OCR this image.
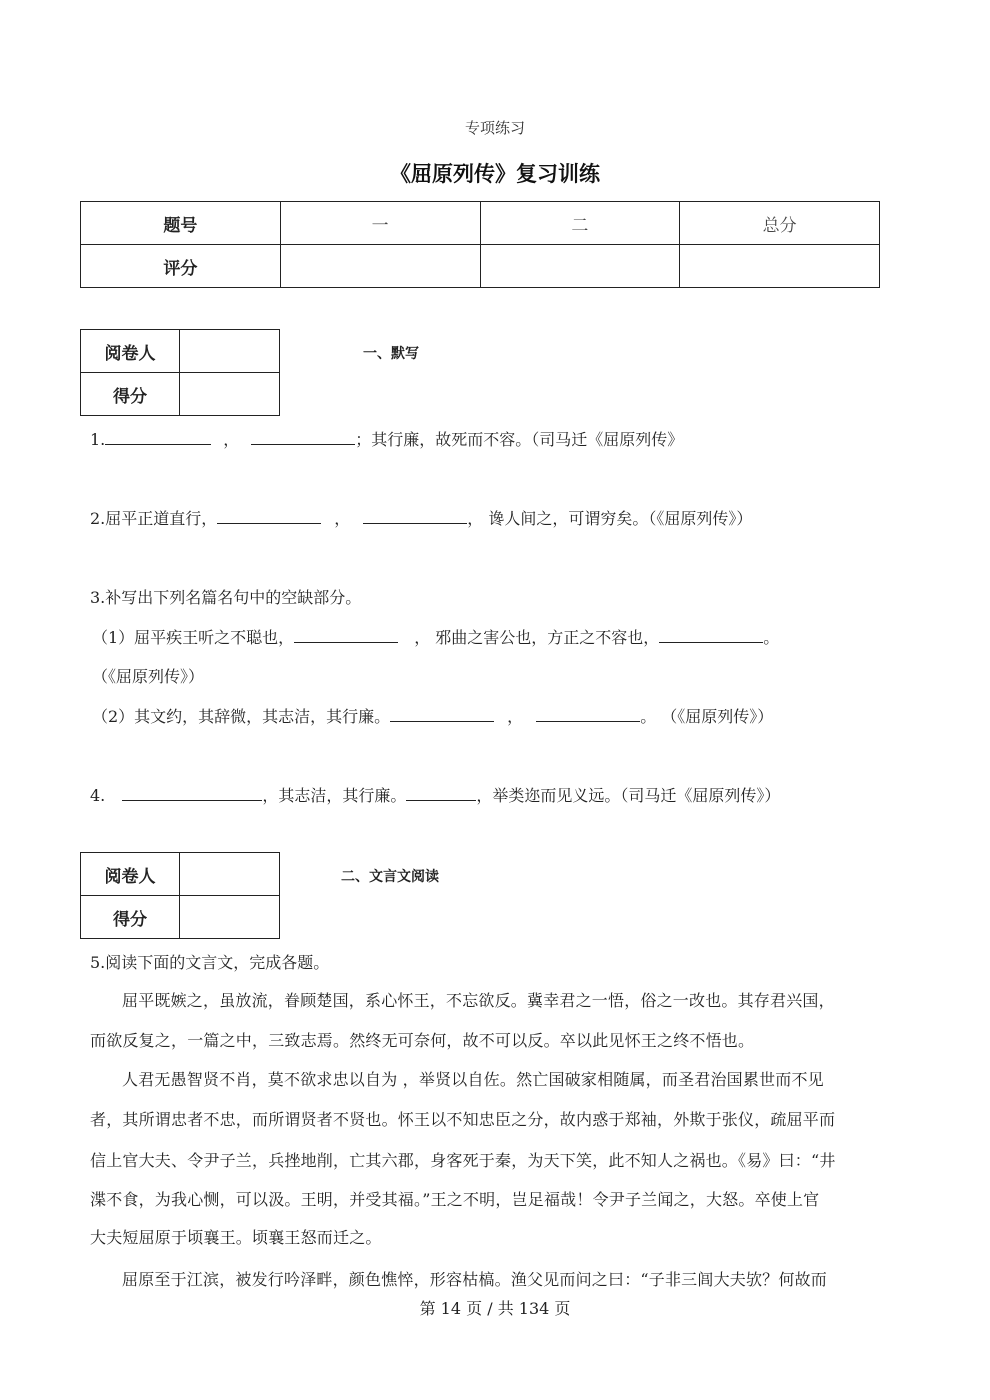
专项练习
《屈原列传》复习训练
题号	一	二	总分
评分			
阅卷人	
得分	
一、默写
1.	，	；其行廉，故死而不容。（司马迁《屈原列传》
2.屈平正道直行，	，	， 谗人间之，可谓穷矣。（《屈原列传》）
3.补写出下列名篇名句中的空缺部分。
（1）屈平疾王听之不聪也，	， 邪曲之害公也，方正之不容也，	。
（《屈原列传》）
（2）其文约，其辞微，其志洁，其行廉。	，	。 （《屈原列传》）
4.	，其志洁，其行廉。	，举类迩而见义远。（司马迁《屈原列传》）
阅卷人	
得分	
二、文言文阅读
5.阅读下面的文言文，完成各题。
屈平既嫉之，虽放流，眷顾楚国，系心怀王，不忘欲反。冀幸君之一悟，俗之一改也。其存君兴国，
而欲反复之，一篇之中，三致志焉。然终无可奈何，故不可以反。卒以此见怀王之终不悟也。
人君无愚智贤不肖，莫不欲求忠以自为 ，举贤以自佐。然亡国破家相随属，而圣君治国累世而不见
者，其所谓忠者不忠，而所谓贤者不贤也。怀王以不知忠臣之分，故内惑于郑袖，外欺于张仪，疏屈平而
信上官大夫、令尹子兰，兵挫地削，亡其六郡，身客死于秦，为天下笑，此不知人之祸也。《易》曰：“井
渫不食，为我心恻，可以汲。王明，并受其福。”王之不明，岂足福哉！令尹子兰闻之，大怒。卒使上官
大夫短屈原于顷襄王。顷襄王怒而迁之。
屈原至于江滨，被发行吟泽畔，颜色憔悴，形容枯槁。渔父见而问之曰：“子非三闾大夫欤？何故而
第 14 页 / 共 134 页
